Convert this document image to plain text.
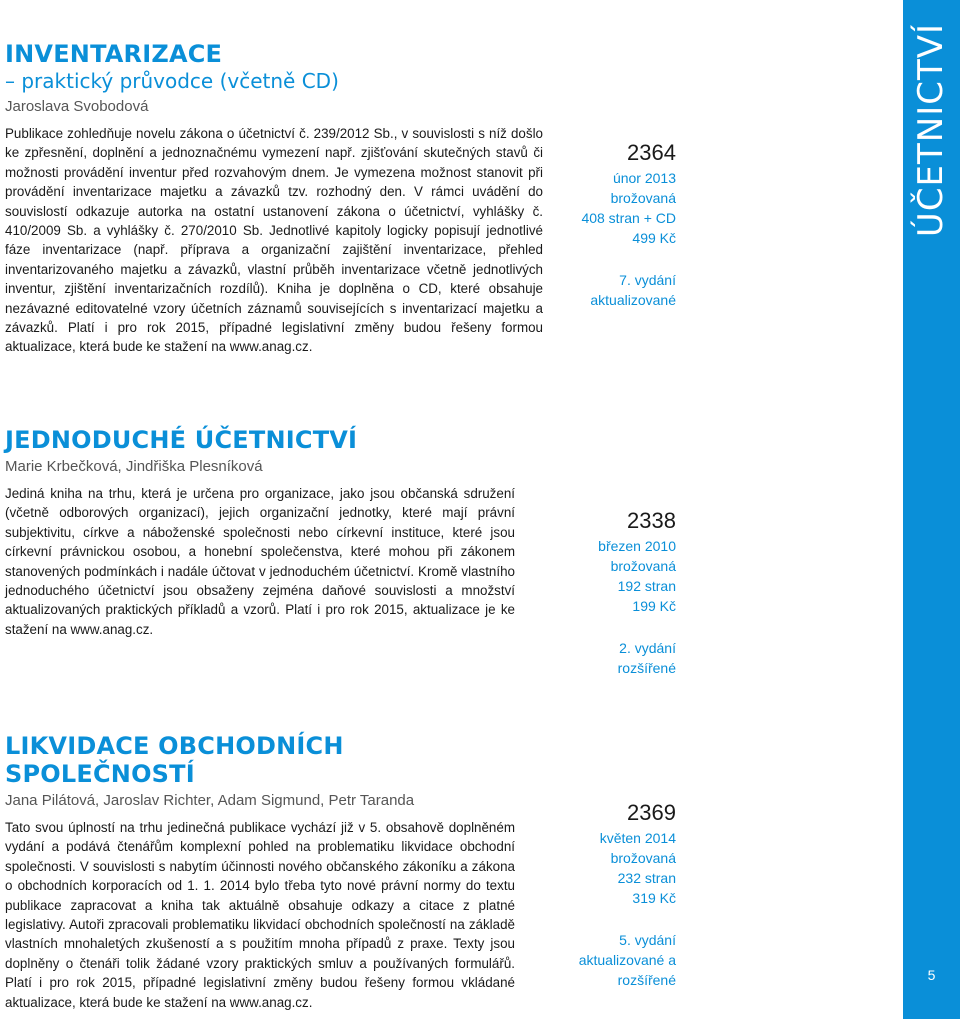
ÚČETNICTVÍ
5
INVENTARIZACE

– praktický průvodce (včetně CD)

Jaroslava Svobodová

Publikace zohledňuje novelu zákona o účetnictví č. 239/2012 Sb., v souvislosti s níž došlo ke zpřesnění, doplnění a jednoznačnému vymezení např. zjišťování skutečných stavů či možnosti provádění inventur před rozvahovým dnem. Je vymezena možnost stanovit při provádění inventarizace majetku a závazků tzv. rozhodný den. V rámci uvádění do souvislostí odkazuje autorka na ostatní ustanovení zákona o účetnictví, vyhlášky č. 410/2009 Sb. a vyhlášky č. 270/2010 Sb. Jednotlivé kapitoly logicky popisují jednotlivé fáze inventarizace (např. příprava a organizační zajištění inventarizace, přehled inventarizovaného majetku a závazků, vlastní průběh inventarizace včetně jednotlivých inventur, zjištění inventarizačních rozdílů). Kniha je doplněna o CD, které obsahuje nezávazné editovatelné vzory účetních záznamů souvisejících s inventarizací majetku a závazků. Platí i pro rok 2015, případné legislativní změny budou řešeny formou aktualizace, která bude ke stažení na www.anag.cz.

2364
únor 2013
brožovaná
408 stran + CD
499 Kč
7. vydání
aktualizované
JEDNODUCHÉ ÚČETNICTVÍ

Marie Krbečková, Jindřiška Plesníková

Jediná kniha na trhu, která je určena pro organizace, jako jsou občanská sdružení (včetně odborových organizací), jejich organizační jednotky, které mají právní subjektivitu, církve a náboženské společnosti nebo církevní instituce, které jsou církevní právnickou osobou, a honební společenstva, které mohou při zákonem stanovených podmínkách i nadále účtovat v jednoduchém účetnictví. Kromě vlastního jednoduchého účetnictví jsou obsaženy zejména daňové souvislosti a množství aktualizovaných praktických příkladů a vzorů. Platí i pro rok 2015, aktualizace je ke stažení na www.anag.cz.

2338
březen 2010
brožovaná
192 stran
199 Kč
2. vydání
rozšířené
LIKVIDACE OBCHODNÍCH SPOLEČNOSTÍ

Jana Pilátová, Jaroslav Richter, Adam Sigmund, Petr Taranda

Tato svou úplností na trhu jedinečná publikace vychází již v 5. obsahově doplněném vydání a podává čtenářům komplexní pohled na problematiku likvidace obchodní společnosti. V souvislosti s nabytím účinnosti nového občanského zákoníku a zákona o obchodních korporacích od 1. 1. 2014 bylo třeba tyto nové právní normy do textu publikace zapracovat a kniha tak aktuálně obsahuje odkazy a citace z platné legislativy. Autoři zpracovali problematiku likvidací obchodních společností na základě vlastních mnohaletých zkušeností a s použitím mnoha případů z praxe. Texty jsou doplněny o čtenáři tolik žádané vzory praktických smluv a používaných formulářů. Platí i pro rok 2015, případné legislativní změny budou řešeny formou vkládané aktualizace, která bude ke stažení na www.anag.cz.

2369
květen 2014
brožovaná
232 stran
319 Kč
5. vydání
aktualizované a rozšířené
